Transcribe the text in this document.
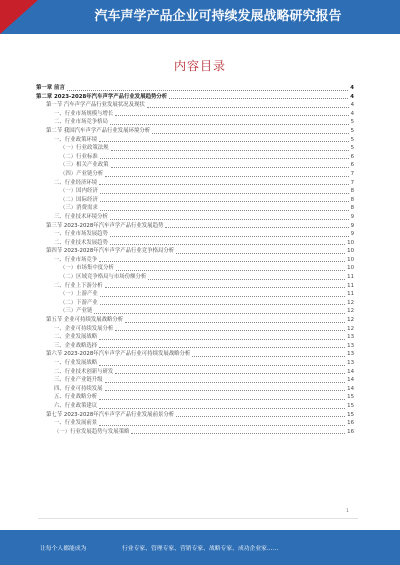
汽车声学产品企业可持续发展战略研究报告
内容目录
第一章 前言	4
第二章 2023-2028年汽车声学产品行业发展趋势分析	4
第一节 汽车声学产品行业发展状况及现状	4
一、行业市场规模与增长	4
二、行业市场竞争格局	5
第二节 我国汽车声学产品行业发展环境分析	5
一、行业政策环境	5
（一）行业政策法规	5
（二）行业标准	6
（三）相关产业政策	6
（四）产业链分析	7
二、行业经济环境	7
（一）国内经济	8
（二）国际经济	8
（三）消费需求	8
三、行业技术环境分析	9
第三节 2023-2028年汽车声学产品行业发展趋势	9
一、行业市场发展趋势	9
二、行业技术发展趋势	10
第四节 2023-2028年汽车声学产品行业竞争格局分析	10
一、行业市场竞争	10
（一）市场集中度分析	10
（二）区域竞争格局与市场份额分析	11
二、行业上下游分析	11
（一）上游产业	11
（二）下游产业	12
（三）产业链	12
第五节 企业可持续发展战略分析	12
一、企业可持续发展分析	12
二、企业发展战略	13
三、企业战略选择	13
第六节 2023-2028年汽车声学产品行业可持续发展战略分析	13
一、行业发展战略	13
二、行业技术创新与研发	14
三、行业产业链升级	14
四、行业可持续发展	14
五、行业战略分析	15
六、行业政策建议	15
第七节 2023-2028年汽车声学产品行业发展前景分析	15
一、行业发展前景	16
（一）行业发展趋势与发展策略	16
1
让每个人都能成为	行业专家、管理专家、营销专家、战略专家、成功企业家……
